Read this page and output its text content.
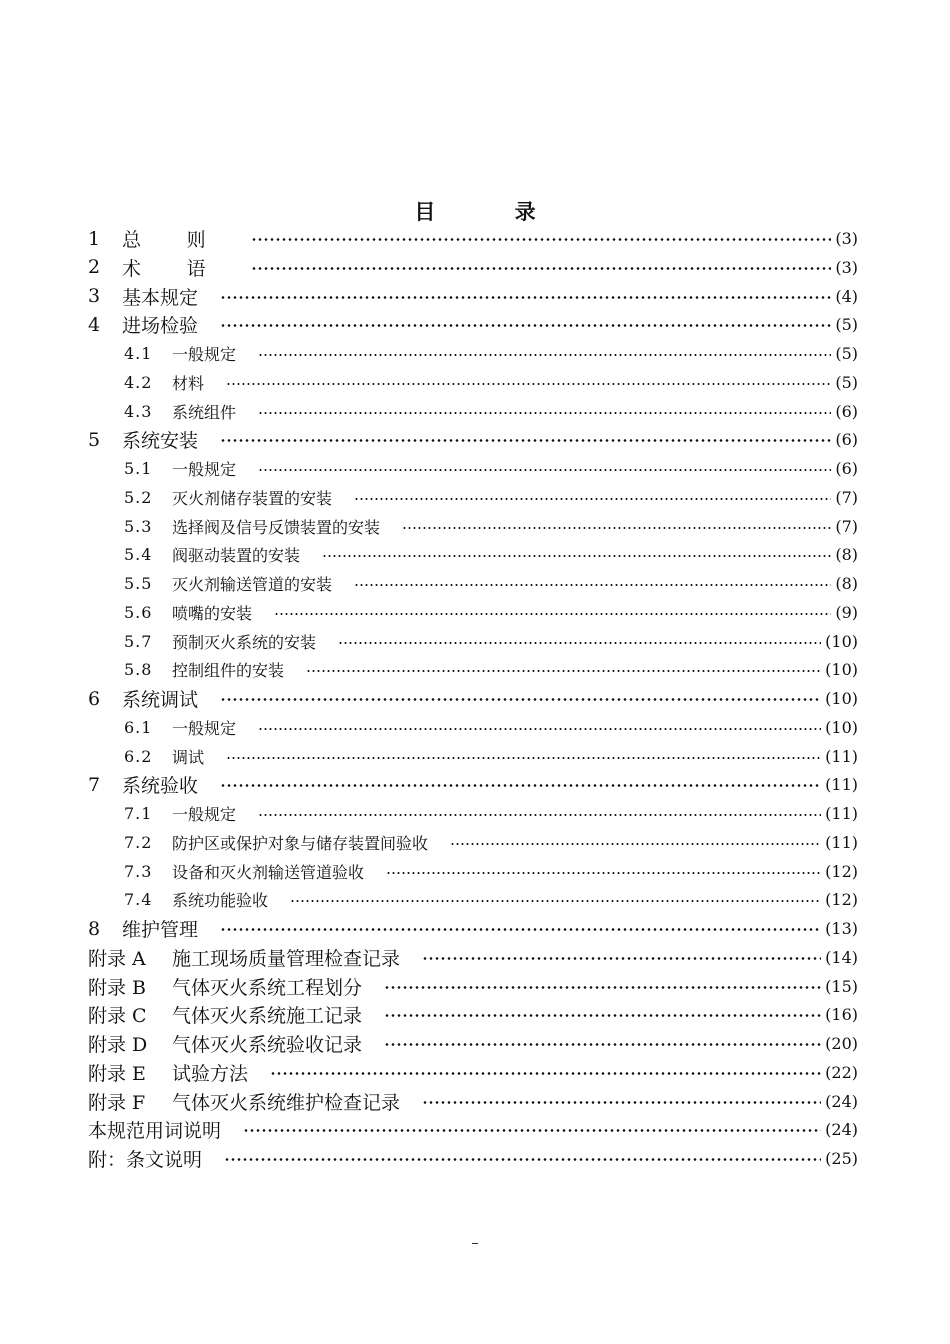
目 录
1	总则	(3)
2	术语	(3)
3	基本规定	(4)
4	进场检验	(5)
4.1	一般规定	(5)
4.2	材料	(5)
4.3	系统组件	(6)
5	系统安装	(6)
5.1	一般规定	(6)
5.2	灭火剂储存装置的安装	(7)
5.3	选择阀及信号反馈装置的安装	(7)
5.4	阀驱动装置的安装	(8)
5.5	灭火剂输送管道的安装	(8)
5.6	喷嘴的安装	(9)
5.7	预制灭火系统的安装	(10)
5.8	控制组件的安装	(10)
6	系统调试	(10)
6.1	一般规定	(10)
6.2	调试	(11)
7	系统验收	(11)
7.1	一般规定	(11)
7.2	防护区或保护对象与储存装置间验收	(11)
7.3	设备和灭火剂输送管道验收	(12)
7.4	系统功能验收	(12)
8	维护管理	(13)
附录 A	施工现场质量管理检查记录	(14)
附录 B	气体灭火系统工程划分	(15)
附录 C	气体灭火系统施工记录	(16)
附录 D	气体灭火系统验收记录	(20)
附录 E	试验方法	(22)
附录 F	气体灭火系统维护检查记录	(24)
本规范用词说明	(24)
附：条文说明	(25)
